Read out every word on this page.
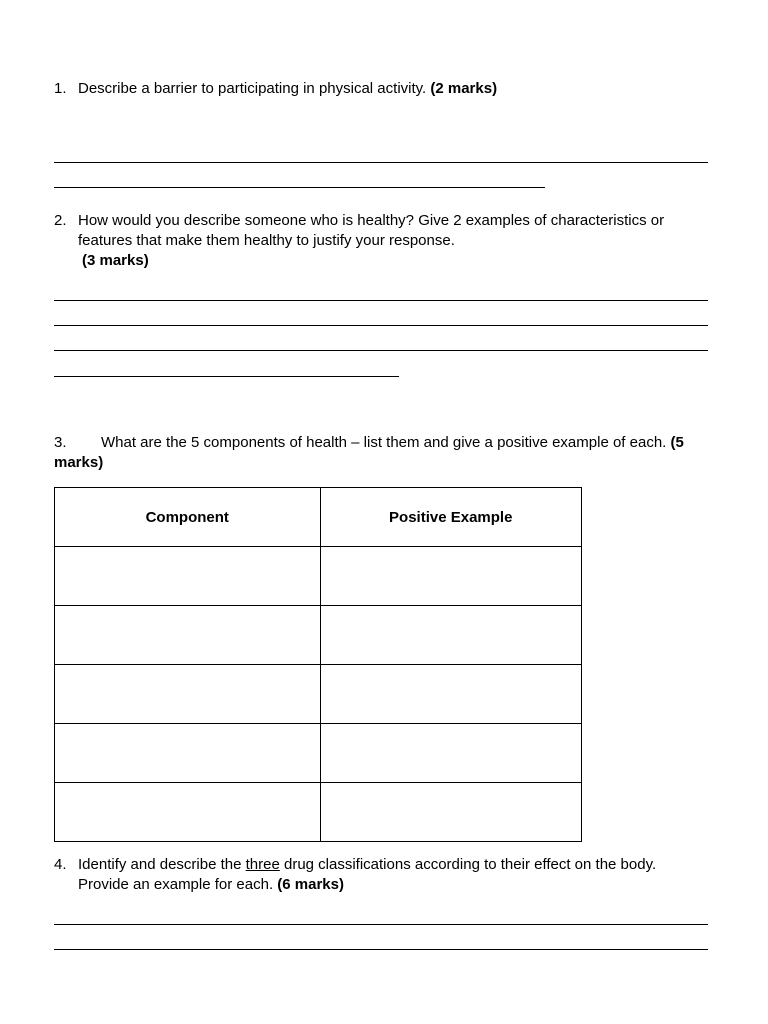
1. Describe a barrier to participating in physical activity. (2 marks)
2. How would you describe someone who is healthy? Give 2 examples of characteristics or
features that make them healthy to justify your response.
(3 marks)
3. What are the 5 components of health – list them and give a positive example of each. (5
marks)
Component	Positive Example

4. Identify and describe the three drug classifications according to their effect on the body.
Provide an example for each. (6 marks)
